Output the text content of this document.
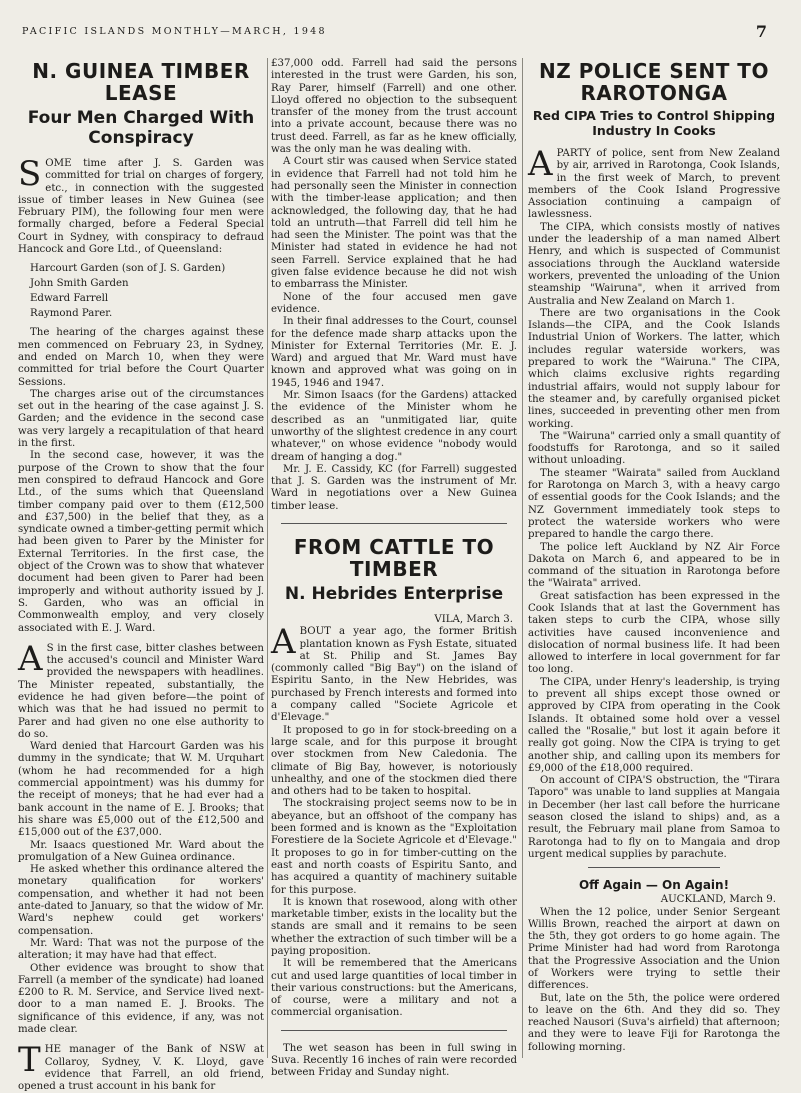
PACIFIC ISLANDS MONTHLY—MARCH, 1948	7
N. GUINEA TIMBER LEASE
Four Men Charged With Conspiracy

SOME time after J. S. Garden was committed for trial on charges of forgery, etc., in connection with the suggested issue of timber leases in New Guinea (see February PIM), the following four men were formally charged, before a Federal Special Court in Sydney, with conspiracy to defraud Hancock and Gore Ltd., of Queensland:

Harcourt Garden (son of J. S. Garden)
John Smith Garden
Edward Farrell
Raymond Parer.

The hearing of the charges against these men commenced on February 23, in Sydney, and ended on March 10, when they were committed for trial before the Court Quarter Sessions.

The charges arise out of the circumstances set out in the hearing of the case against J. S. Garden; and the evidence in the second case was very largely a recapitulation of that heard in the first.

In the second case, however, it was the purpose of the Crown to show that the four men conspired to defraud Hancock and Gore Ltd., of the sums which that Queensland timber company paid over to them (£12,500 and £37,500) in the belief that they, as a syndicate owned a timber-getting permit which had been given to Parer by the Minister for External Territories. In the first case, the object of the Crown was to show that whatever document had been given to Parer had been improperly and without authority issued by J. S. Garden, who was an official in Commonwealth employ, and very closely associated with E. J. Ward.

A S in the first case, bitter clashes between the accused's council and Minister Ward provided the newspapers with headlines. The Minister repeated, substantially, the evidence he had given before—the point of which was that he had issued no permit to Parer and had given no one else authority to do so.

Ward denied that Harcourt Garden was his dummy in the syndicate; that W. M. Urquhart (whom he had recommended for a high commercial appointment) was his dummy for the receipt of moneys; that he had ever had a bank account in the name of E. J. Brooks; that his share was £5,000 out of the £12,500 and £15,000 out of the £37,000.

Mr. Isaacs questioned Mr. Ward about the promulgation of a New Guinea ordinance.

He asked whether this ordinance altered the monetary qualification for workers' compensation, and whether it had not been ante-dated to January, so that the widow of Mr. Ward's nephew could get workers' compensation.

Mr. Ward: That was not the purpose of the alteration; it may have had that effect.

Other evidence was brought to show that Farrell (a member of the syndicate) had loaned £200 to R. M. Service, and Service lived next-door to a man named E. J. Brooks. The significance of this evidence, if any, was not made clear.

THE manager of the Bank of NSW at Collaroy, Sydney, V. K. Lloyd, gave evidence that Farrell, an old friend, opened a trust account in his bank for

£37,000 odd. Farrell had said the persons interested in the trust were Garden, his son, Ray Parer, himself (Farrell) and one other. Lloyd offered no objection to the subsequent transfer of the money from the trust account into a private account, because there was no trust deed. Farrell, as far as he knew officially, was the only man he was dealing with.

A Court stir was caused when Service stated in evidence that Farrell had not told him he had personally seen the Minister in connection with the timber-lease application; and then acknowledged, the following day, that he had told an untruth—that Farrell did tell him he had seen the Minister. The point was that the Minister had stated in evidence he had not seen Farrell. Service explained that he had given false evidence because he did not wish to embarrass the Minister.

None of the four accused men gave evidence.

In their final addresses to the Court, counsel for the defence made sharp attacks upon the Minister for External Territories (Mr. E. J. Ward) and argued that Mr. Ward must have known and approved what was going on in 1945, 1946 and 1947.

Mr. Simon Isaacs (for the Gardens) attacked the evidence of the Minister whom he described as an "unmitigated liar, quite unworthy of the slightest credence in any court whatever," on whose evidence "nobody would dream of hanging a dog."

Mr. J. E. Cassidy, KC (for Farrell) suggested that J. S. Garden was the instrument of Mr. Ward in negotiations over a New Guinea timber lease.

FROM CATTLE TO TIMBER
N. Hebrides Enterprise
VILA, March 3.

ABOUT a year ago, the former British plantation known as Fysh Estate, situated at St. Philip and St. James Bay (commonly called "Big Bay") on the island of Espiritu Santo, in the New Hebrides, was purchased by French interests and formed into a company called "Societe Agricole et d'Elevage."

It proposed to go in for stock-breeding on a large scale, and for this purpose it brought over stockmen from New Caledonia. The climate of Big Bay, however, is notoriously unhealthy, and one of the stockmen died there and others had to be taken to hospital.

The stockraising project seems now to be in abeyance, but an offshoot of the company has been formed and is known as the "Exploitation Forestiere de la Societe Agricole et d'Elevage." It proposes to go in for timber-cutting on the east and north coasts of Espiritu Santo, and has acquired a quantity of machinery suitable for this purpose.

It is known that rosewood, along with other marketable timber, exists in the locality but the stands are small and it remains to be seen whether the extraction of such timber will be a paying proposition.

It will be remembered that the Americans cut and used large quantities of local timber in their various constructions: but the Americans, of course, were a military and not a commercial organisation.

The wet season has been in full swing in Suva. Recently 16 inches of rain were recorded between Friday and Sunday night.

NZ POLICE SENT TO RAROTONGA
Red CIPA Tries to Control Shipping Industry In Cooks

APARTY of police, sent from New Zealand by air, arrived in Rarotonga, Cook Islands, in the first week of March, to prevent members of the Cook Island Progressive Association continuing a campaign of lawlessness.

The CIPA, which consists mostly of natives under the leadership of a man named Albert Henry, and which is suspected of Communist associations through the Auckland waterside workers, prevented the unloading of the Union steamship "Wairuna", when it arrived from Australia and New Zealand on March 1.

There are two organisations in the Cook Islands—the CIPA, and the Cook Islands Industrial Union of Workers. The latter, which includes regular waterside workers, was prepared to work the "Wairuna." The CIPA, which claims exclusive rights regarding industrial affairs, would not supply labour for the steamer and, by carefully organised picket lines, succeeded in preventing other men from working.

The "Wairuna" carried only a small quantity of foodstuffs for Rarotonga, and so it sailed without unloading.

The steamer "Wairata" sailed from Auckland for Rarotonga on March 3, with a heavy cargo of essential goods for the Cook Islands; and the NZ Government immediately took steps to protect the waterside workers who were prepared to handle the cargo there.

The police left Auckland by NZ Air Force Dakota on March 6, and appeared to be in command of the situation in Rarotonga before the "Wairata" arrived.

Great satisfaction has been expressed in the Cook Islands that at last the Government has taken steps to curb the CIPA, whose silly activities have caused inconvenience and dislocation of normal business life. It had been allowed to interfere in local government for far too long.

The CIPA, under Henry's leadership, is trying to prevent all ships except those owned or approved by CIPA from operating in the Cook Islands. It obtained some hold over a vessel called the "Rosalie," but lost it again before it really got going. Now the CIPA is trying to get another ship, and calling upon its members for £9,000 of the £18,000 required.

On account of CIPA'S obstruction, the "Tirara Taporo" was unable to land supplies at Mangaia in December (her last call before the hurricane season closed the island to ships) and, as a result, the February mail plane from Samoa to Rarotonga had to fly on to Mangaia and drop urgent medical supplies by parachute.

Off Again — On Again!
AUCKLAND, March 9.

When the 12 police, under Senior Sergeant Willis Brown, reached the airport at dawn on the 5th, they got orders to go home again. The Prime Minister had had word from Rarotonga that the Progressive Association and the Union of Workers were trying to settle their differences.

But, late on the 5th, the police were ordered to leave on the 6th. And they did so. They reached Nausori (Suva's airfield) that afternoon; and they were to leave Fiji for Rarotonga the following morning.
